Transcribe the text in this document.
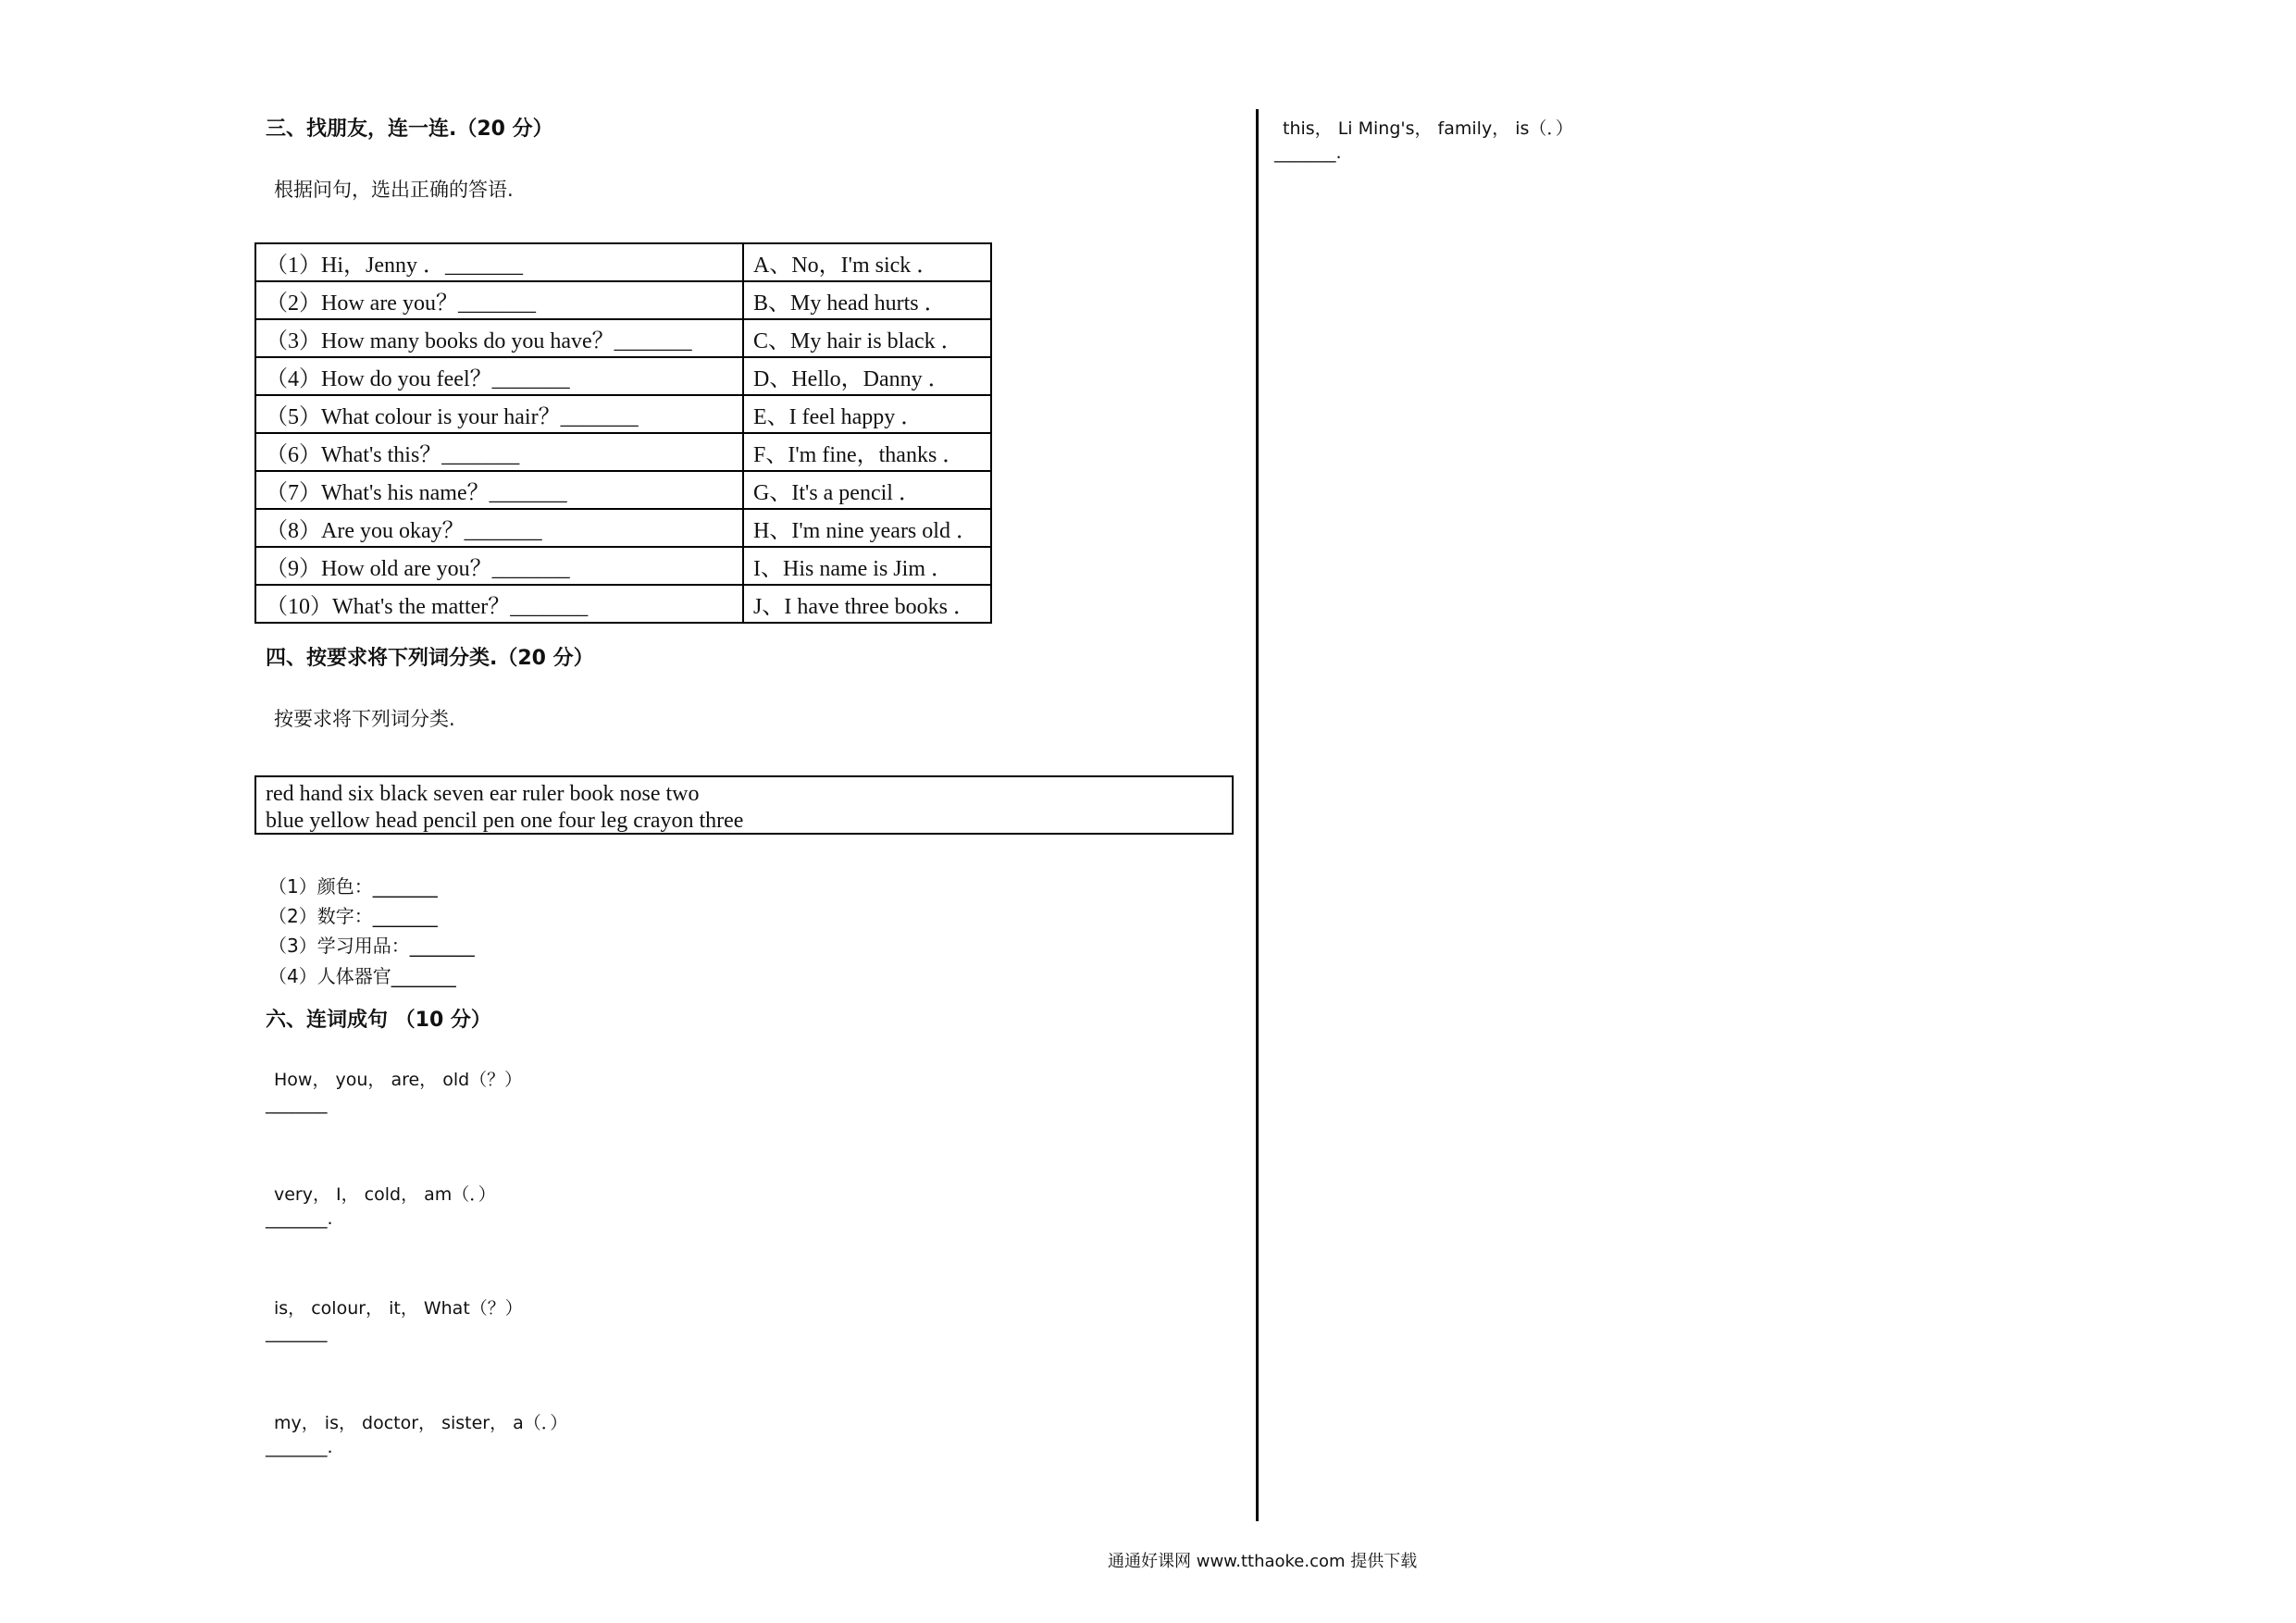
三、找朋友，连一连.（20 分）
根据问句，选出正确的答语.
（1）Hi，Jenny ．_______	A、No，I'm sick ．
（2）How are you？_______	B、My head hurts ．
（3）How many books do you have？_______	C、My hair is black ．
（4）How do you feel？_______	D、Hello，Danny ．
（5）What colour is your hair？_______	E、I feel happy ．
（6）What's this？_______	F、I'm fine，thanks ．
（7）What's his name？_______	G、It's a pencil ．
（8）Are you okay？_______	H、I'm nine years old ．
（9）How old are you？_______	I、His name is Jim ．
（10）What's the matter？_______	J、I have three books ．
四、按要求将下列词分类.（20 分）
按要求将下列词分类.
red hand six black seven ear ruler book nose two
blue yellow head pencil pen one four leg crayon three
（1）颜色：_______
（2）数字：_______
（3）学习用品：_______
（4）人体器官_______
六、连词成句 （10 分）
How， you， are， old（？）
_______
very， I， cold， am（．）
_______.
is， colour， it， What（？）
_______
my， is， doctor， sister， a（．）
_______.
this， Li Ming's， family， is（．）
_______.
通通好课网 www.tthaoke.com 提供下载
